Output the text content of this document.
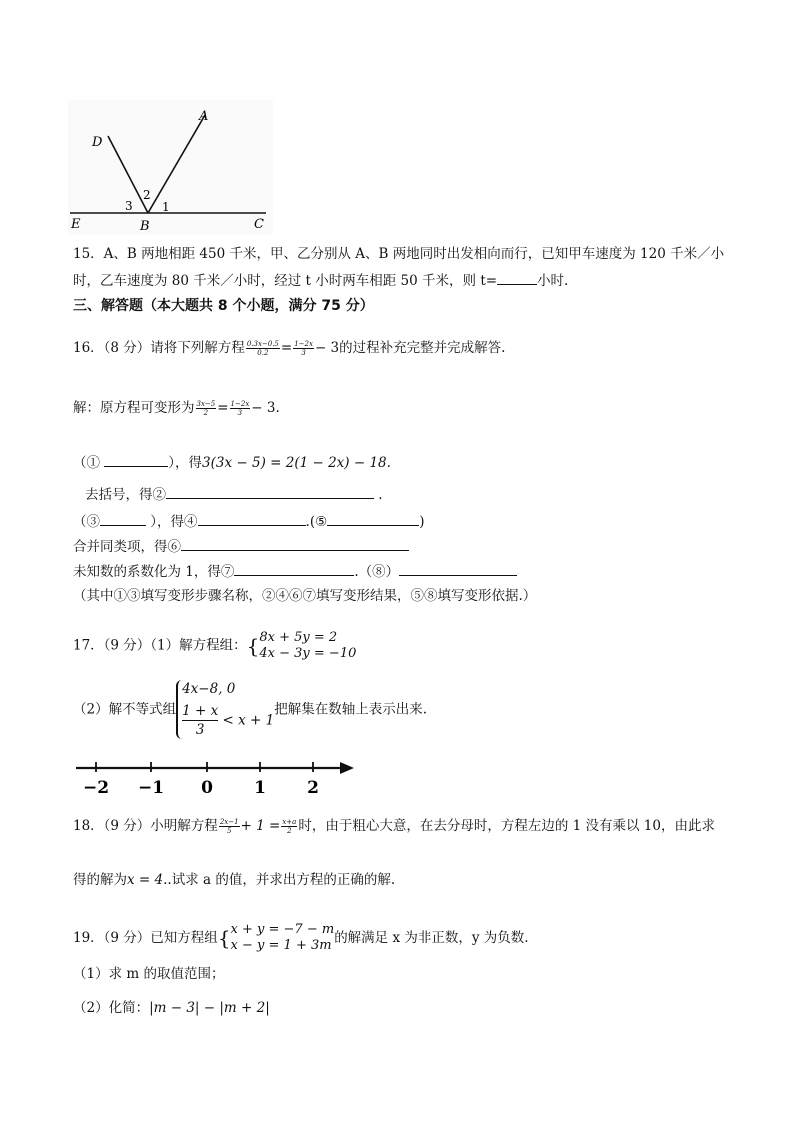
D
A
E	B	C
1
2
3
15．A、B 两地相距 450 千米，甲、乙分别从 A、B 两地同时出发相向而行，已知甲车速度为 120 千米／小
时，乙车速度为 80 千米／小时，经过 t 小时两车相距 50 千米，则 t=	小时.
三、解答题（本大题共 8 个小题，满分 75 分）
16．（8 分）请将下列解方程 $\frac{0.3x-0.5}{0.2} = \frac{1-2x}{3} - 3$的过程补充完整并完成解答.
解：原方程可变形为 $\frac{3x-5}{2} = \frac{1-2x}{3} - 3$.
（①	），得3(3x − 5) = 2(1 − 2x) − 18.
去括号，得②	.
（③	），得④	.(⑤	)
合并同类项，得⑥
未知数的系数化为 1，得⑦	.（⑧）
（其中①③填写变形步骤名称，②④⑥⑦填写变形结果，⑤⑧填写变形依据.）
17．（9 分）（1）解方程组：{ 8x + 5y = 2
4x − 3y = −10
（2）解不等式组
4x−8, 0
$\frac{1 + x}{3} < x + 1$
把解集在数轴上表示出来.
−2 −1 0 1 2
18．（9 分）小明解方程 $\frac{2x-1}{5} + 1 = \frac{x+a}{2}$ 时，由于粗心大意，在去分母时，方程左边的 1 没有乘以 10，由此求
得的解为x = 4..试求 a 的值，并求出方程的正确的解.
19．（9 分）已知方程组{ x + y = −7 − m
x − y = 1 + 3m 的解满足 x 为非正数，y 为负数.
（1）求 m 的取值范围；
（2）化简：|m − 3| − |m + 2|
